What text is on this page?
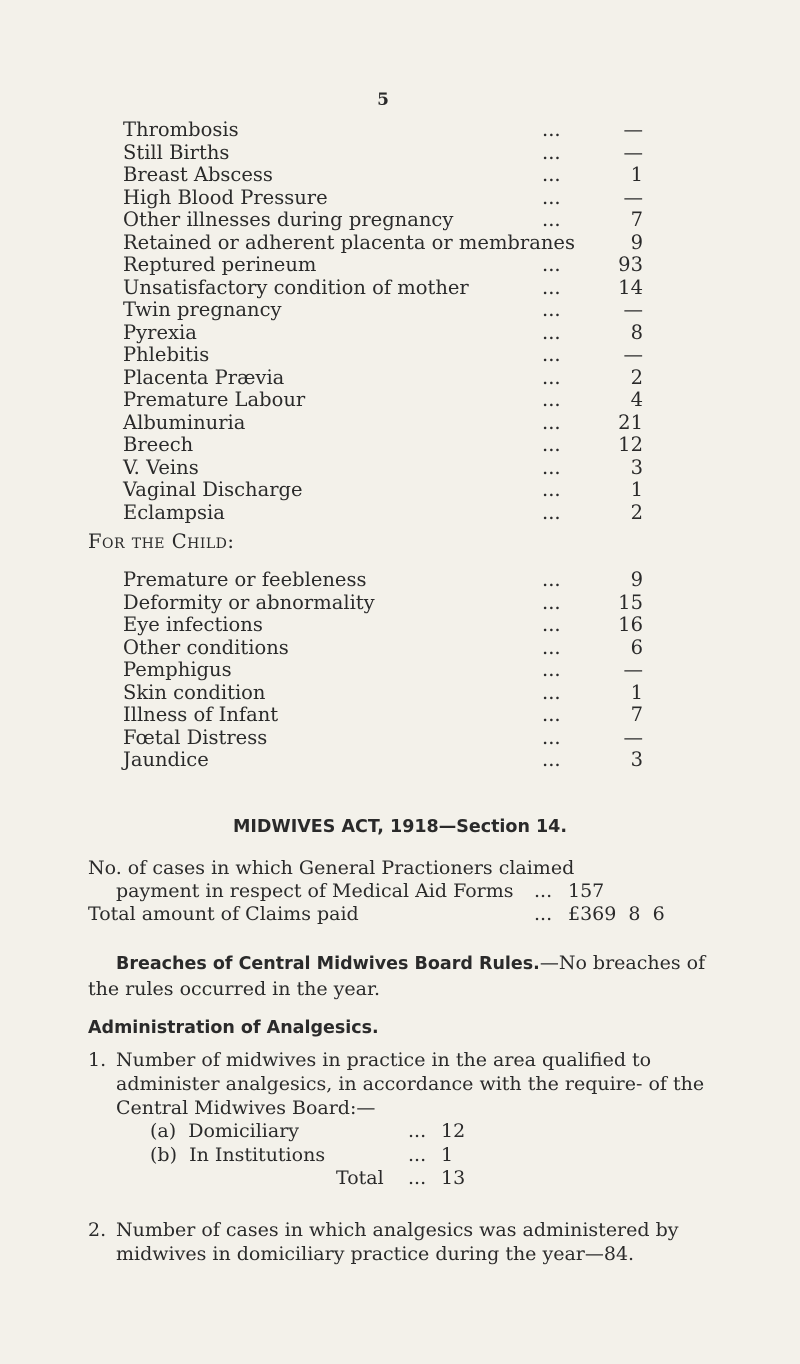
5
Thrombosis	...	—
Still Births	...	—
Breast Abscess	...	1
High Blood Pressure	...	—
Other illnesses during pregnancy	...	7
Retained or adherent placenta or membranes	9
Reptured perineum	...	93
Unsatisfactory condition of mother	...	14
Twin pregnancy	...	—
Pyrexia	...	8
Phlebitis	...	—
Placenta Prævia	...	2
Premature Labour	...	4
Albuminuria	...	21
Breech	...	12
V. Veins	...	3
Vaginal Discharge	...	1
Eclampsia	...	2
For the Child:
Premature or feebleness	...	9
Deformity or abnormality	...	15
Eye infections	...	16
Other conditions	...	6
Pemphigus	...	—
Skin condition	...	1
Illness of Infant	...	7
Fœtal Distress	...	—
Jaundice	...	3
MIDWIVES ACT, 1918—Section 14.
No. of cases in which General Practioners claimed
payment in respect of Medical Aid Forms ... 157
Total amount of Claims paid	... £369  8  6
Breaches of Central Midwives Board Rules.—No breaches of the rules occurred in the year.
Administration of Analgesics.
1. Number of midwives in practice in the area qualified to administer analgesics, in accordance with the require- of the Central Midwives Board:—
(a)  Domiciliary	... 12
(b)  In Institutions	... 1
Total ... 13
2. Number of cases in which analgesics was administered by midwives in domiciliary practice during the year—84.
